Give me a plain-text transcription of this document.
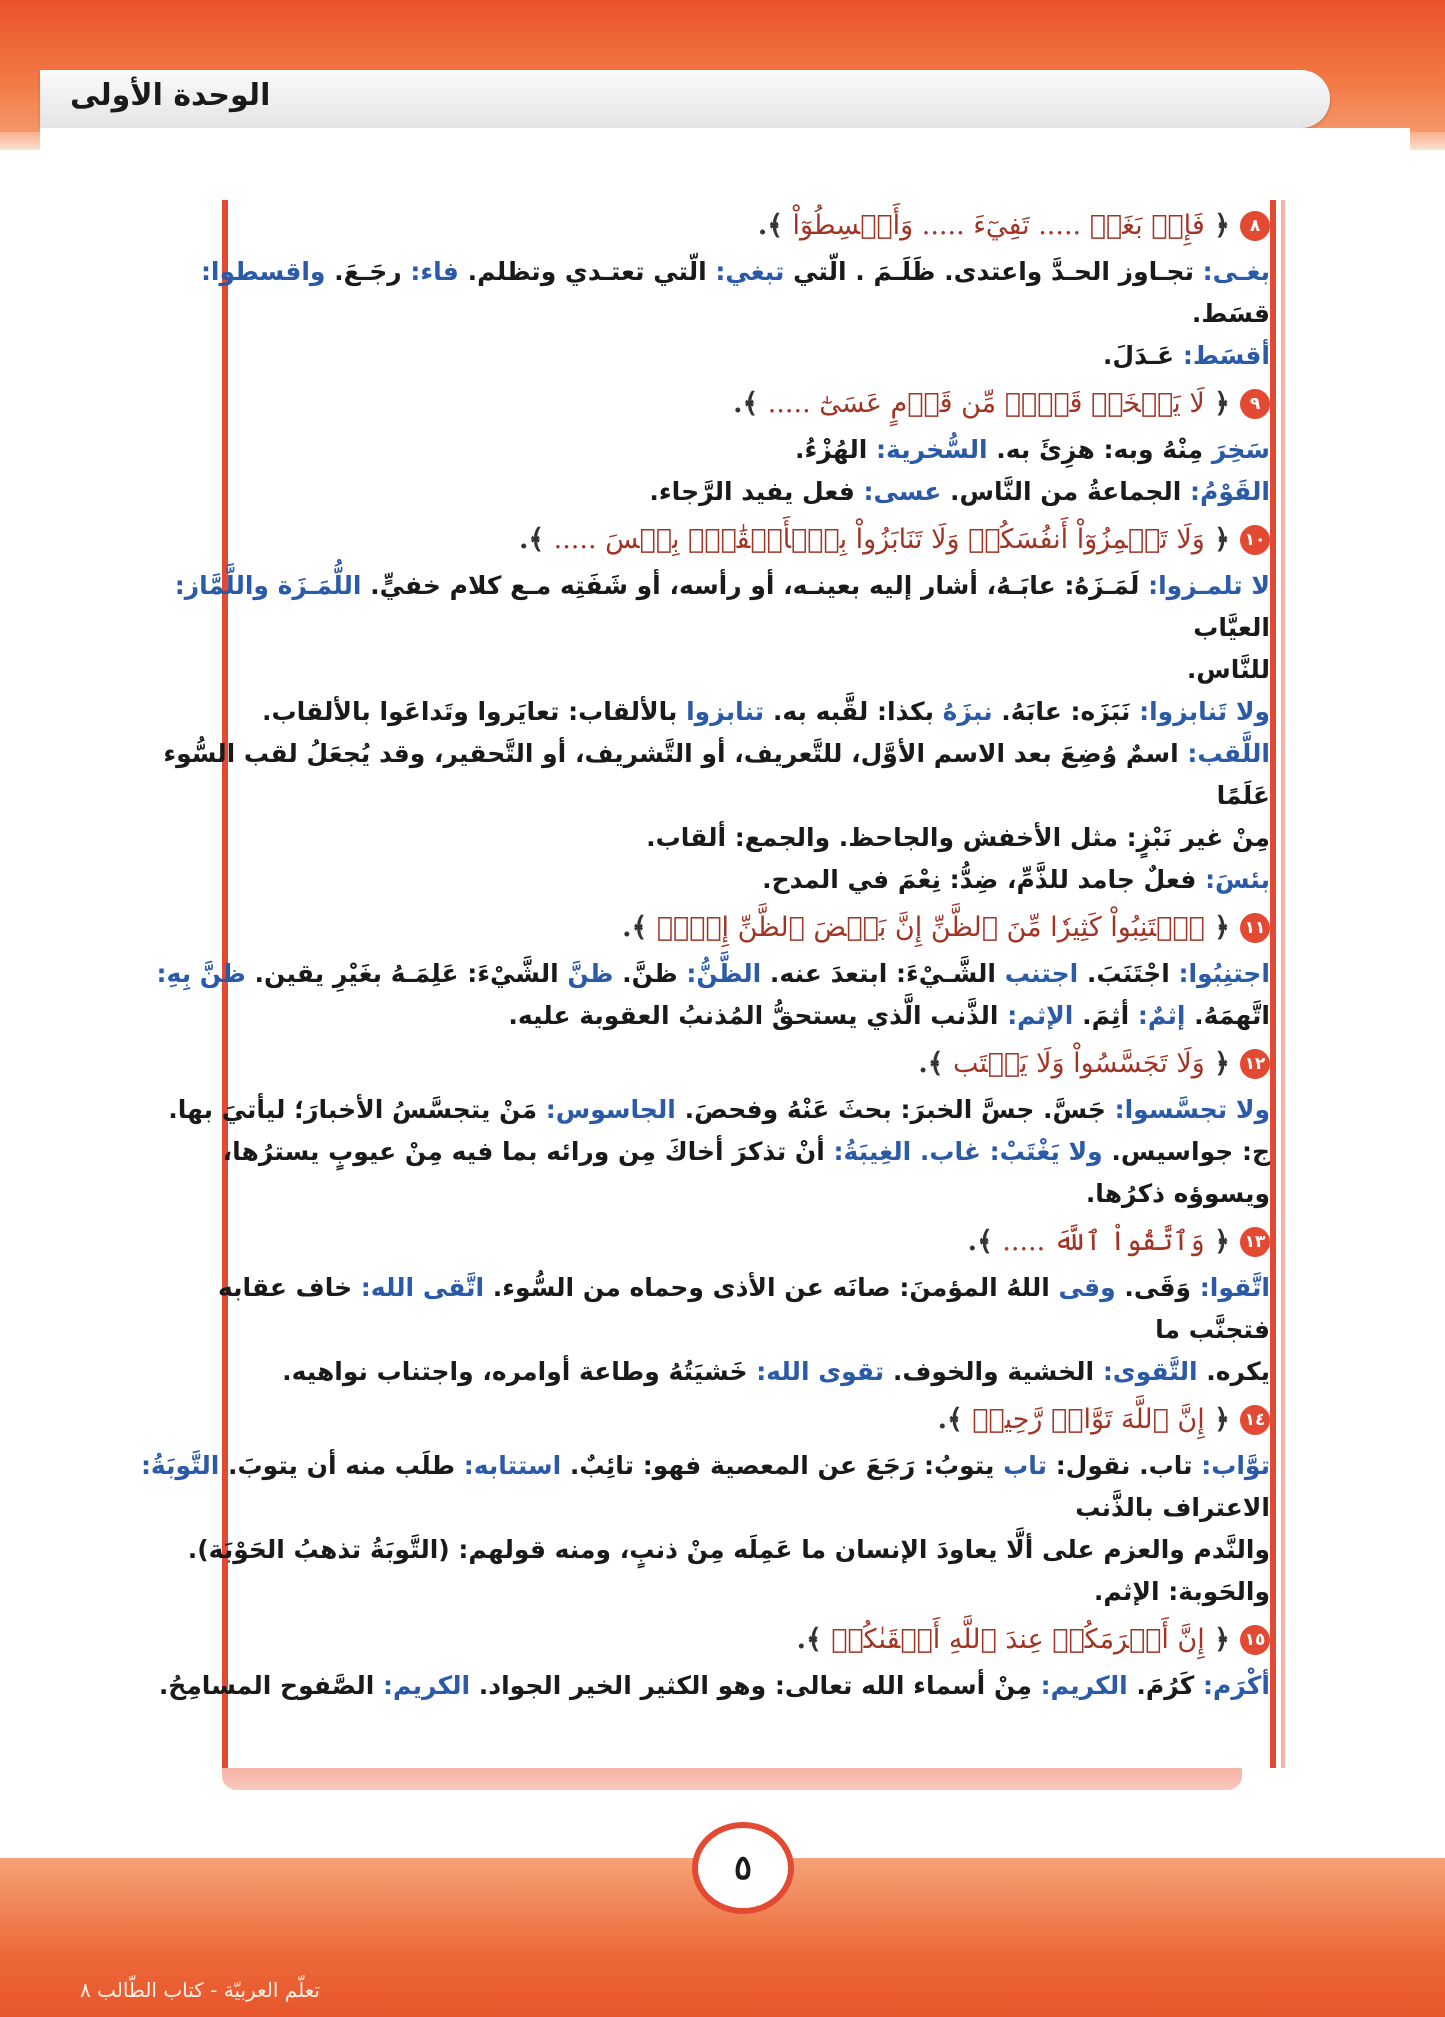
الوحدة الأولى
٨
﴿ فَإِنۢ بَغَتۡ ..... تَفِيٓءَ ..... وَأَقۡسِطُوٓاْ ﴾.
بغـى: تجـاوز الحـدَّ واعتدى. ظَلَـمَ . الّتي تبغي: الّتي تعتـدي وتظلم. فاء: رجَـعَ. واقسطوا: قسَط.
أقسَط: عَـدَلَ.
٩
﴿ لَا يَسۡخَرۡ قَوۡمٞ مِّن قَوۡمٍ عَسَىٰٓ ..... ﴾.
سَخِرَ مِنْهُ وبه: هزِئَ به. السُّخرية: الهُزْءُ.
القَوْمُ: الجماعةُ من النَّاس. عسى: فعل يفيد الرَّجاء.
١٠
﴿ وَلَا تَلۡمِزُوٓاْ أَنفُسَكُمۡ وَلَا تَنَابَزُواْ بِٱلۡأَلۡقَٰبِۖ بِئۡسَ ..... ﴾.
لا تلمـزوا: لَمَـزَهُ: عابَـهُ، أشار إليه بعينـه، أو رأسه، أو شَفَتِه مـع كلام خفيٍّ. اللُّمَـزَة واللَّمَّاز: العيَّاب
للنَّاس.
ولا تَنابزوا: نَبَزَه: عابَهُ. نبزَهُ بكذا: لقَّبه به. تنابزوا بالألقاب: تعايَروا وتَداعَوا بالألقاب.
اللَّقب: اسمٌ وُضِعَ بعد الاسم الأوَّل، للتَّعريف، أو التَّشريف، أو التَّحقير، وقد يُجعَلُ لقب السُّوء عَلَمًا
مِنْ غير نَبْزٍ: مثل الأخفش والجاحظ. والجمع: ألقاب.
بئسَ: فعلٌ جامد للذَّمِّ، ضِدُّ: نِعْمَ في المدح.
١١
﴿ ٱجۡتَنِبُواْ كَثِيرٗا مِّنَ ٱلظَّنِّ إِنَّ بَعۡضَ ٱلظَّنِّ إِثۡمٞ ﴾.
اجتنِبُوا: اجْتَنَبَ. اجتنب الشَّـيْءَ: ابتعدَ عنه. الظَّنُّ: ظنَّ. ظنَّ الشَّيْءَ: عَلِمَـهُ بغَيْرِ يقين. ظنَّ بِهِ:
اتَّهمَهُ. إثمٌ: أثِمَ. الإثم: الذَّنب الَّذي يستحقُّ المُذنبُ العقوبة عليه.
١٢
﴿ وَلَا تَجَسَّسُواْ وَلَا يَغۡتَب ﴾.
ولا تجسَّسوا: جَسَّ. جسَّ الخبرَ: بحثَ عَنْهُ وفحصَ. الجاسوس: مَنْ يتجسَّسُ الأخبارَ؛ ليأتيَ بها.
ج: جواسيس. ولا يَغْتَبْ: غاب. الغِيبَةُ: أنْ تذكرَ أخاكَ مِن ورائه بما فيه مِنْ عيوبٍ يسترُها، ويسوؤه ذكرُها.
١٣
﴿ وَٱتَّقُواْ ٱللَّهَ ..... ﴾.
اتَّقوا: وَقَى. وقى اللهُ المؤمنَ: صانَه عن الأذى وحماه من السُّوء. اتَّقى الله: خاف عقابه فتجنَّب ما
يكره. التَّقوى: الخشية والخوف. تقوى الله: خَشيَتُهُ وطاعة أوامره، واجتناب نواهيه.
١٤
﴿ إِنَّ ٱللَّهَ تَوَّابٞ رَّحِيمٞ ﴾.
توَّاب: تاب. نقول: تاب يتوبُ: رَجَعَ عن المعصية فهو: تائِبٌ. استتابه: طلَب منه أن يتوبَ. التَّوبَةُ: الاعتراف بالذَّنب
والنَّدم والعزم على ألَّا يعاودَ الإنسان ما عَمِلَه مِنْ ذنبٍ، ومنه قولهم: (التَّوبَةُ تذهبُ الحَوْبَة). والحَوبة: الإثم.
١٥
﴿ إِنَّ أَكۡرَمَكُمۡ عِندَ ٱللَّهِ أَتۡقَىٰكُمۡ ﴾.
أكْرَم: كَرُمَ. الكريم: مِنْ أسماء الله تعالى: وهو الكثير الخير الجواد. الكريم: الصَّفوح المسامِحُ.
٥
تعلّم العربيّة - كتاب الطّالب ٨
